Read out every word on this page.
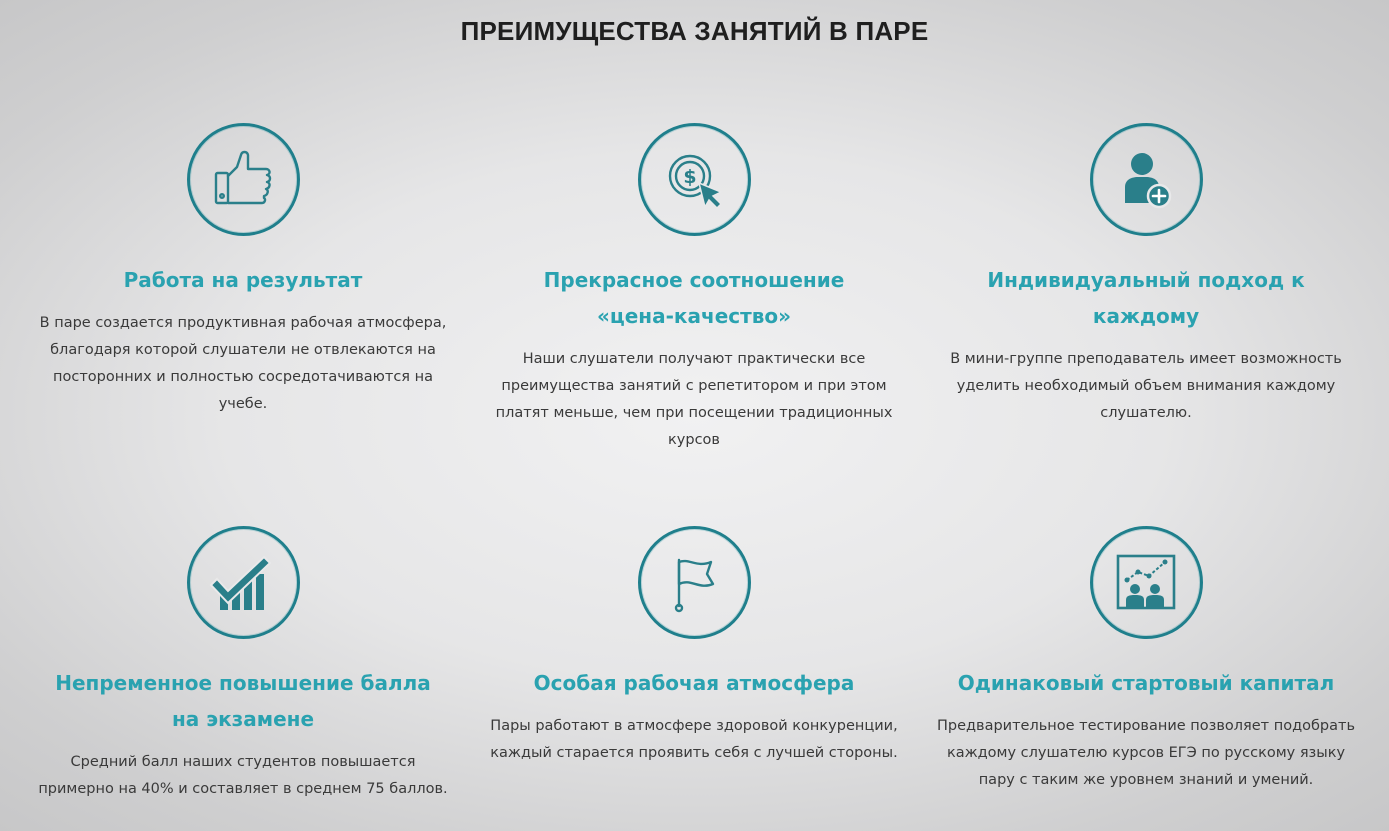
ПРЕИМУЩЕСТВА ЗАНЯТИЙ В ПАРЕ
Работа на результат
В паре создается продуктивная рабочая атмосфера, благодаря которой слушатели не отвлекаются на посторонних и полностью сосредотачиваются на учебе.
$
Прекрасное соотношение «цена-качество»
Наши слушатели получают практически все преимущества занятий с репетитором и при этом платят меньше, чем при посещении традиционных курсов
Индивидуальный подход к каждому
В мини-группе преподаватель имеет возможность уделить необходимый объем внимания каждому слушателю.
Непременное повышение балла на экзамене
Средний балл наших студентов повышается примерно на 40% и составляет в среднем 75 баллов.
Особая рабочая атмосфера
Пары работают в атмосфере здоровой конкуренции, каждый старается проявить себя с лучшей стороны.
Одинаковый стартовый капитал
Предварительное тестирование позволяет подобрать каждому слушателю курсов ЕГЭ по русскому языку пару с таким же уровнем знаний и умений.
